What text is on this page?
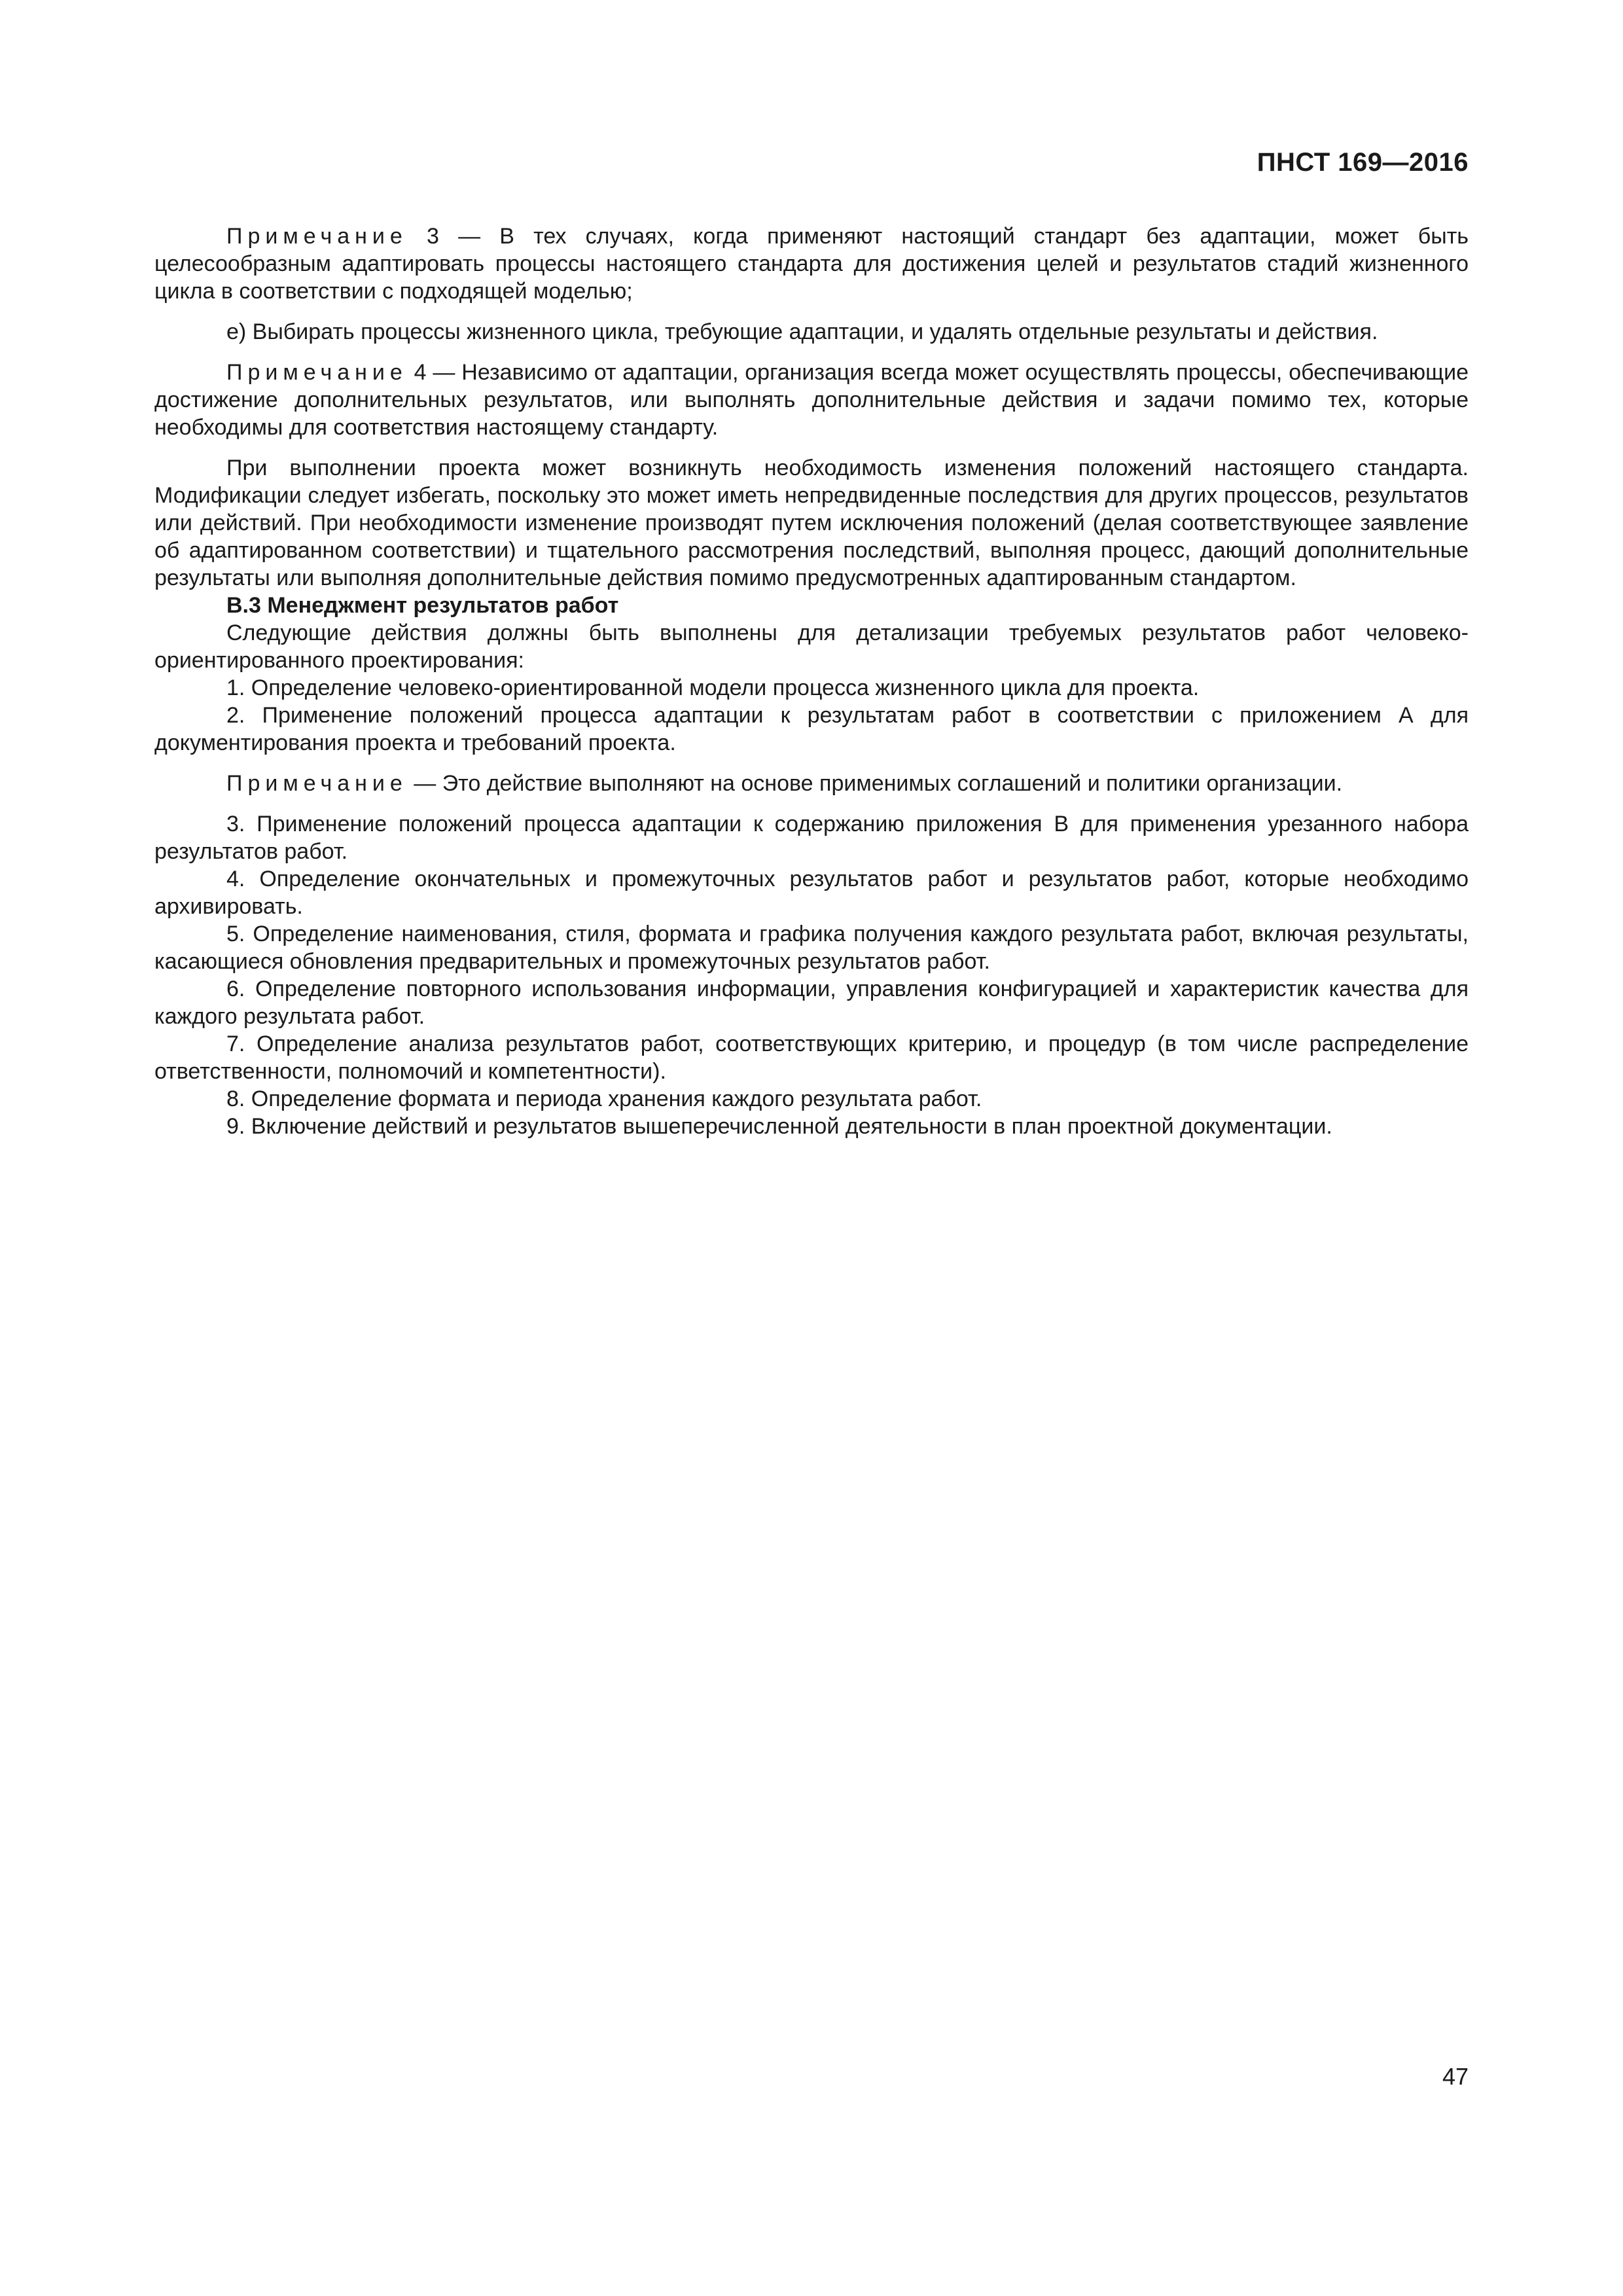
ПНСТ 169—2016

Примечание 3 — В тех случаях, когда применяют настоящий стандарт без адаптации, может быть целесообразным адаптировать процессы настоящего стандарта для достижения целей и результатов стадий жизненного цикла в соответствии с подходящей моделью;

е) Выбирать процессы жизненного цикла, требующие адаптации, и удалять отдельные результаты и действия.

Примечание 4 — Независимо от адаптации, организация всегда может осуществлять процессы, обеспечивающие достижение дополнительных результатов, или выполнять дополнительные действия и задачи помимо тех, которые необходимы для соответствия настоящему стандарту.

При выполнении проекта может возникнуть необходимость изменения положений настоящего стандарта. Модификации следует избегать, поскольку это может иметь непредвиденные последствия для других процессов, результатов или действий. При необходимости изменение производят путем исключения положений (делая соответствующее заявление об адаптированном соответствии) и тщательного рассмотрения последствий, выполняя процесс, дающий дополнительные результаты или выполняя дополнительные действия помимо предусмотренных адаптированным стандартом.

В.3 Менеджмент результатов работ

Следующие действия должны быть выполнены для детализации требуемых результатов работ человеко-ориентированного проектирования:

1. Определение человеко-ориентированной модели процесса жизненного цикла для проекта.

2. Применение положений процесса адаптации к результатам работ в соответствии с приложением А для документирования проекта и требований проекта.

Примечание — Это действие выполняют на основе применимых соглашений и политики организации.

3. Применение положений процесса адаптации к содержанию приложения В для применения урезанного набора результатов работ.

4. Определение окончательных и промежуточных результатов работ и результатов работ, которые необходимо архивировать.

5. Определение наименования, стиля, формата и графика получения каждого результата работ, включая результаты, касающиеся обновления предварительных и промежуточных результатов работ.

6. Определение повторного использования информации, управления конфигурацией и характеристик качества для каждого результата работ.

7. Определение анализа результатов работ, соответствующих критерию, и процедур (в том числе распределение ответственности, полномочий и компетентности).

8. Определение формата и периода хранения каждого результата работ.

9. Включение действий и результатов вышеперечисленной деятельности в план проектной документации.

47
